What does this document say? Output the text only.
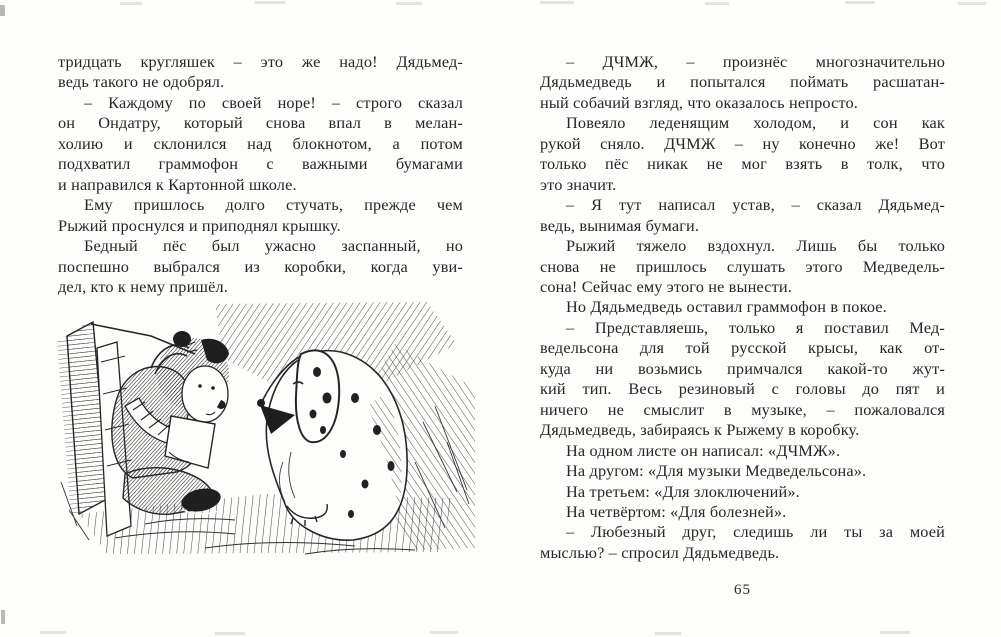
тридцать кругляшек – это же надо! Дядьмед-
ведь такого не одобрял.
– Каждому по своей норе! – строго сказал
он Ондатру, который снова впал в мелан-
холию и склонился над блокнотом, а потом
подхватил граммофон с важными бумагами
и направился к Картонной школе.
Ему пришлось долго стучать, прежде чем
Рыжий проснулся и приподнял крышку.
Бедный пёс был ужасно заспанный, но
поспешно выбрался из коробки, когда уви-
дел, кто к нему пришёл.
– ДЧМЖ, – произнёс многозначительно
Дядьмедведь и попытался поймать расшатан-
ный собачий взгляд, что оказалось непросто.
Повеяло леденящим холодом, и сон как
рукой сняло. ДЧМЖ – ну конечно же! Вот
только пёс никак не мог взять в толк, что
это значит.
– Я тут написал устав, – сказал Дядьмед-
ведь, вынимая бумаги.
Рыжий тяжело вздохнул. Лишь бы только
снова не пришлось слушать этого Медведель-
сона! Сейчас ему этого не вынести.
Но Дядьмедведь оставил граммофон в покое.
– Представляешь, только я поставил Мед-
ведельсона для той русской крысы, как от-
куда ни возьмись примчался какой-то жут-
кий тип. Весь резиновый с головы до пят и
ничего не смыслит в музыке, – пожаловался
Дядьмедведь, забираясь к Рыжему в коробку.
На одном листе он написал: «ДЧМЖ».
На другом: «Для музыки Медведельсона».
На третьем: «Для злоключений».
На четвёртом: «Для болезней».
– Любезный друг, следишь ли ты за моей
мыслью? – спросил Дядьмедведь.
65
